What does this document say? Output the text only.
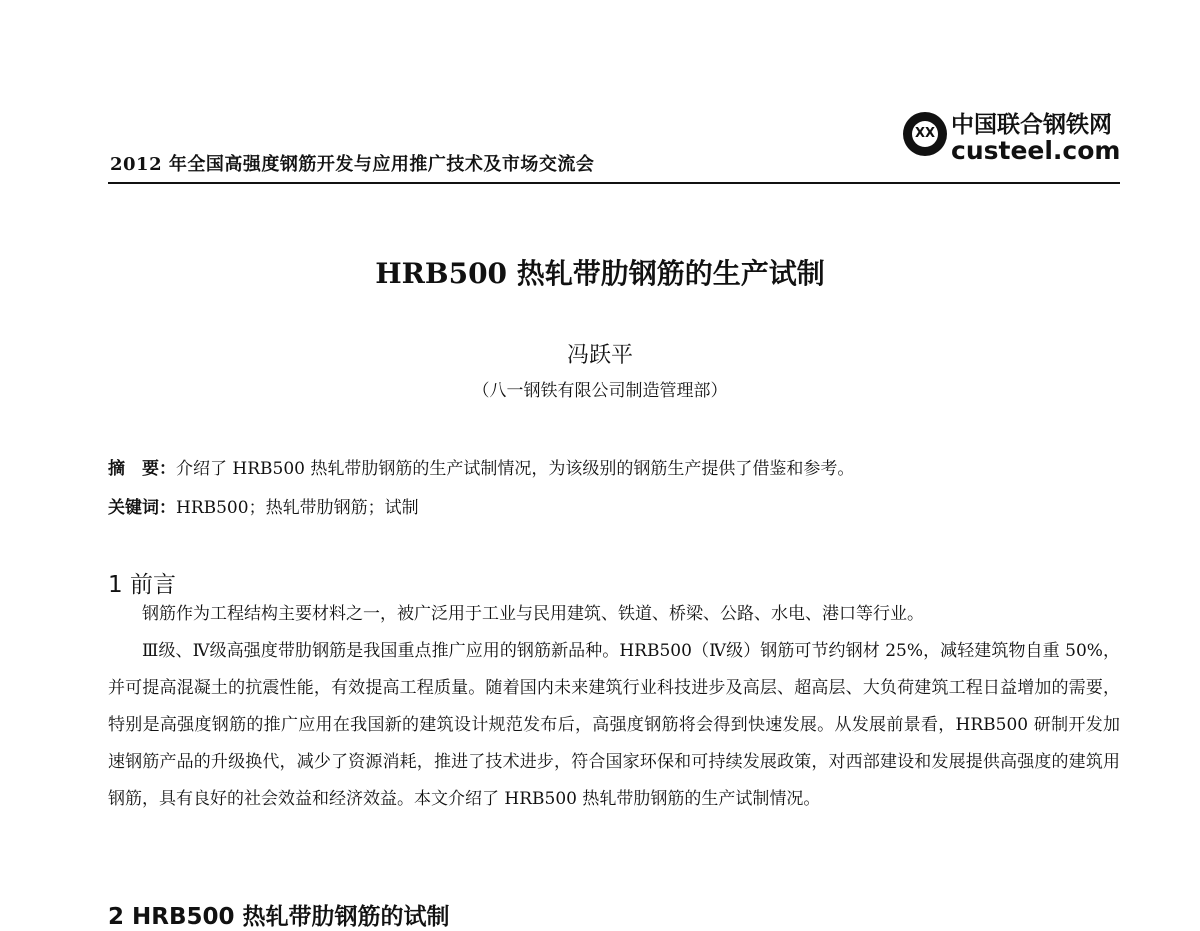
2012 年全国高强度钢筋开发与应用推广技术及市场交流会
XX 中国联合钢铁网
custeel.com
HRB500 热轧带肋钢筋的生产试制
冯跃平
（八一钢铁有限公司制造管理部）
摘　要：介绍了 HRB500 热轧带肋钢筋的生产试制情况，为该级别的钢筋生产提供了借鉴和参考。
关键词：HRB500；热轧带肋钢筋；试制
1 前言
钢筋作为工程结构主要材料之一，被广泛用于工业与民用建筑、铁道、桥梁、公路、水电、港口等行业。
Ⅲ级、Ⅳ级高强度带肋钢筋是我国重点推广应用的钢筋新品种。HRB500（Ⅳ级）钢筋可节约钢材 25%，减轻建筑物自重 50%，并可提高混凝土的抗震性能，有效提高工程质量。随着国内未来建筑行业科技进步及高层、超高层、大负荷建筑工程日益增加的需要，特别是高强度钢筋的推广应用在我国新的建筑设计规范发布后，高强度钢筋将会得到快速发展。从发展前景看，HRB500 研制开发加速钢筋产品的升级换代，减少了资源消耗，推进了技术进步，符合国家环保和可持续发展政策，对西部建设和发展提供高强度的建筑用钢筋，具有良好的社会效益和经济效益。本文介绍了 HRB500 热轧带肋钢筋的生产试制情况。
2 HRB500 热轧带肋钢筋的试制
